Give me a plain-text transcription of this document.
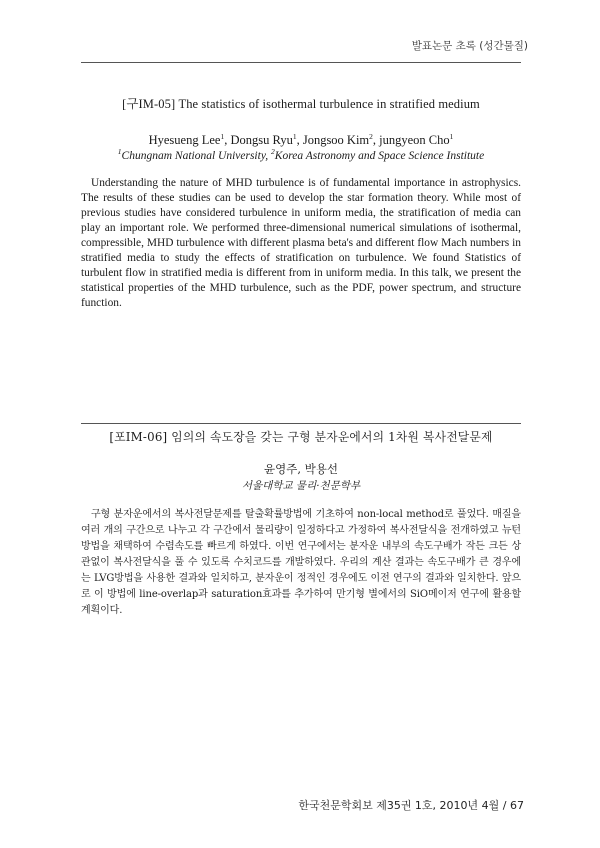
발표논문 초록 (성간물질)
[구IM-05] The statistics of isothermal turbulence in stratified medium
Hyesueng Lee$^1$, Dongsu Ryu$^1$, Jongsoo Kim$^2$, jungyeon Cho$^1$
$^1$Chungnam National University, $^2$Korea Astronomy and Space Science Institute
Understanding the nature of MHD turbulence is of fundamental importance in astrophysics. The results of these studies can be used to develop the star formation theory. While most of previous studies have considered turbulence in uniform media, the stratification of media can play an important role. We performed three-dimensional numerical simulations of isothermal, compressible, MHD turbulence with different plasma beta's and different flow Mach numbers in stratified media to study the effects of stratification on turbulence. We found Statistics of turbulent flow in stratified media is different from in uniform media. In this talk, we present the statistical properties of the MHD turbulence, such as the PDF, power spectrum, and structure function.
[포IM-06] 임의의 속도장을 갖는 구형 분자운에서의 1차원 복사전달문제
윤영주, 박용선
서울대학교 물리·천문학부
구형 분자운에서의 복사전달문제를 탈출확률방법에 기초하여 non-local method로 풀었다. 매질을 여러 개의 구간으로 나누고 각 구간에서 물리량이 일정하다고 가정하여 복사전달식을 전개하였고 뉴턴방법을 채택하여 수렴속도를 빠르게 하였다. 이번 연구에서는 분자운 내부의 속도구배가 작든 크든 상관없이 복사전달식을 풀 수 있도록 수치코드를 개발하였다. 우리의 계산 결과는 속도구배가 큰 경우에는 LVG방법을 사용한 결과와 일치하고, 분자운이 정적인 경우에도 이전 연구의 결과와 일치한다. 앞으로 이 방법에 line-overlap과 saturation효과를 추가하여 만기형 별에서의 SiO메이저 연구에 활용할 계획이다.
한국천문학회보 제35권 1호, 2010년 4월 / 67
